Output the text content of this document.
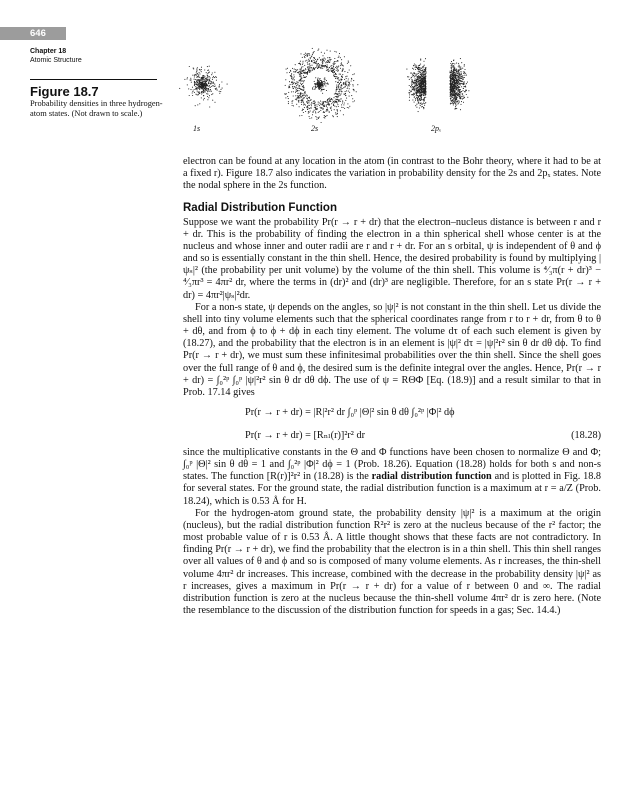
646
Chapter 18
Atomic Structure
Figure 18.7
Probability densities in three hydrogen-atom states. (Not drawn to scale.)
1s	2s	2pₓ

electron can be found at any location in the atom (in contrast to the Bohr theory, where it had to be at a fixed r). Figure 18.7 also indicates the variation in probability density for the 2s and 2pₓ states. Note the nodal sphere in the 2s function.

Radial Distribution Function

Suppose we want the probability Pr(r → r + dr) that the electron–nucleus distance is between r and r + dr. This is the probability of finding the electron in a thin spherical shell whose center is at the nucleus and whose inner and outer radii are r and r + dr. For an s orbital, ψ is independent of θ and ϕ and so is essentially constant in the thin shell. Hence, the desired probability is found by multiplying |ψₛ|² (the probability per unit volume) by the volume of the thin shell. This volume is ⁴⁄₃π(r + dr)³ − ⁴⁄₃πr³ = 4πr² dr, where the terms in (dr)² and (dr)³ are negligible. Therefore, for an s state Pr(r → r + dr) = 4πr²|ψₛ|²dr.

For a non-s state, ψ depends on the angles, so |ψ|² is not constant in the thin shell. Let us divide the shell into tiny volume elements such that the spherical coordinates range from r to r + dr, from θ to θ + dθ, and from ϕ to ϕ + dϕ in each tiny element. The volume dτ of each such element is given by (18.27), and the probability that the electron is in an element is |ψ|² dτ = |ψ|²r² sin θ dr dθ dϕ. To find Pr(r → r + dr), we must sum these infinitesimal probabilities over the thin shell. Since the shell goes over the full range of θ and ϕ, the desired sum is the definite integral over the angles. Hence, Pr(r → r + dr) = ∫₀²ᵖ ∫₀ᵖ |ψ|²r² sin θ dr dθ dϕ. The use of ψ = RΘΦ [Eq. (18.9)] and a result similar to that in Prob. 17.14 gives

Pr(r → r + dr) = |R|²r² dr ∫₀ᵖ |Θ|² sin θ dθ ∫₀²ᵖ |Φ|² dϕ
Pr(r → r + dr) = [Rₙₗ(r)]²r² dr	(18.28)

since the multiplicative constants in the Θ and Φ functions have been chosen to normalize Θ and Φ; ∫₀ᵖ |Θ|² sin θ dθ = 1 and ∫₀²ᵖ |Φ|² dϕ = 1 (Prob. 18.26). Equation (18.28) holds for both s and non-s states. The function [R(r)]²r² in (18.28) is the radial distribution function and is plotted in Fig. 18.8 for several states. For the ground state, the radial distribution function is a maximum at r = a/Z (Prob. 18.24), which is 0.53 Å for H.

For the hydrogen-atom ground state, the probability density |ψ|² is a maximum at the origin (nucleus), but the radial distribution function R²r² is zero at the nucleus because of the r² factor; the most probable value of r is 0.53 Å. A little thought shows that these facts are not contradictory. In finding Pr(r → r + dr), we find the probability that the electron is in a thin shell. This thin shell ranges over all values of θ and ϕ and so is composed of many volume elements. As r increases, the thin-shell volume 4πr² dr increases. This increase, combined with the decrease in the probability density |ψ|² as r increases, gives a maximum in Pr(r → r + dr) for a value of r between 0 and ∞. The radial distribution function is zero at the nucleus because the thin-shell volume 4πr² dr is zero here. (Note the resemblance to the discussion of the distribution function for speeds in a gas; Sec. 14.4.)
